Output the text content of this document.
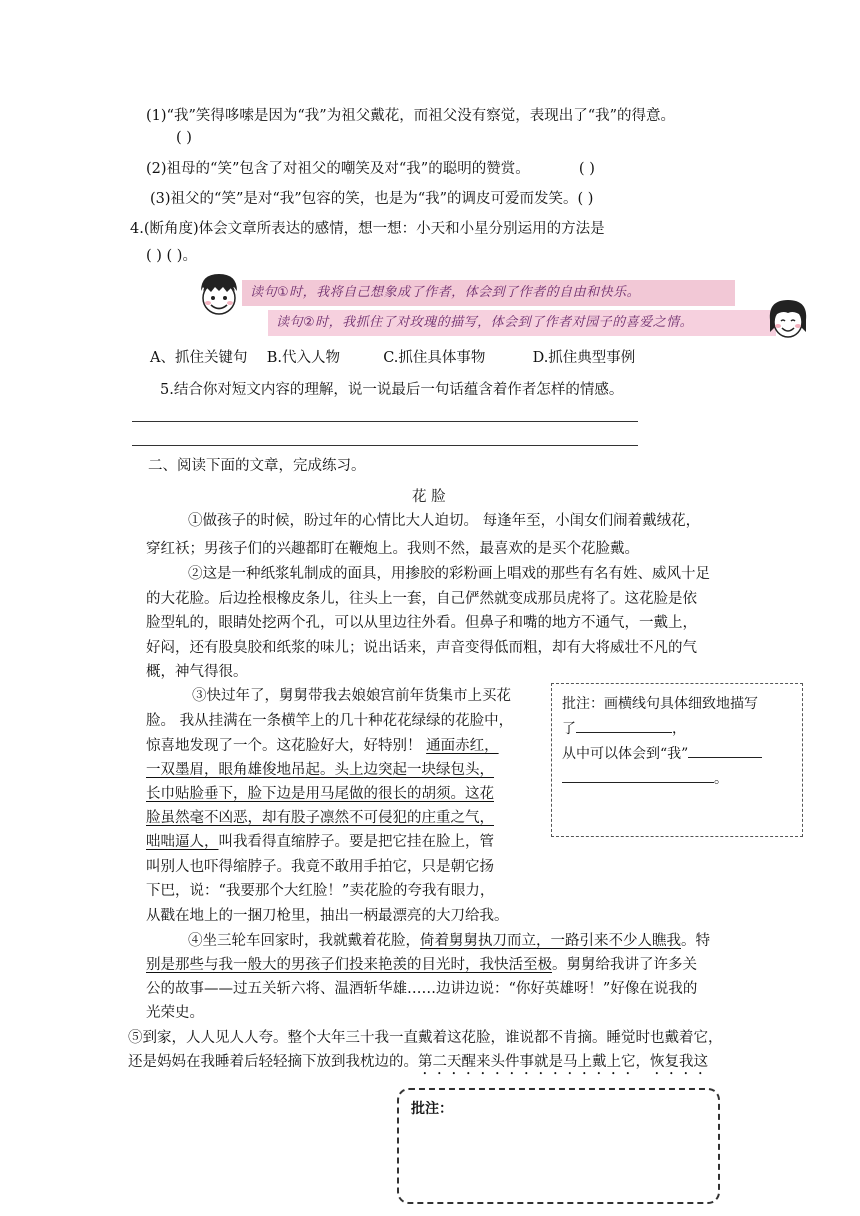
(1)“我”笑得哆嗦是因为“我”为祖父戴花，而祖父没有察觉，表现出了“我”的得意。
( )
(2)祖母的“笑”包含了对祖父的嘲笑及对“我”的聪明的赞赏。	( )
(3)祖父的“笑”是对“我”包容的笑，也是为“我”的调皮可爱而发笑。( )
4.(断角度)体会文章所表达的感情，想一想：小天和小星分别运用的方法是
( ) ( )。
读句①时，我将自己想象成了作者，体会到了作者的自由和快乐。
读句②时，我抓住了对玫瑰的描写，体会到了作者对园子的喜爱之情。
A、抓住关键句 B.代入人物	C.抓住具体事物	D.抓住典型事例
5.结合你对短文内容的理解，说一说最后一句话蕴含着作者怎样的情感。
二、阅读下面的文章，完成练习。
花 脸
①做孩子的时候，盼过年的心情比大人迫切。 每逢年至，小闺女们闹着戴绒花，
穿红袄；男孩子们的兴趣都盯在鞭炮上。我则不然，最喜欢的是买个花脸戴。
②这是一种纸浆轧制成的面具，用掺胶的彩粉画上唱戏的那些有名有姓、威风十足
的大花脸。后边拴根橡皮条儿，往头上一套，自己俨然就变成那员虎将了。这花脸是依
脸型轧的，眼睛处挖两个孔，可以从里边往外看。但鼻子和嘴的地方不通气，一戴上，
好闷，还有股臭胶和纸浆的味儿；说出话来，声音变得低而粗，却有大将威壮不凡的气
概，神气得很。
③快过年了，舅舅带我去娘娘宫前年货集市上买花
脸。 我从挂满在一条横竿上的几十种花花绿绿的花脸中，
惊喜地发现了一个。这花脸好大，好特别！ 通面赤红，
一双墨眉，眼角雄俊地吊起。头上边突起一块绿包头，
长巾贴脸垂下，脸下边是用马尾做的很长的胡须。这花
脸虽然毫不凶恶，却有股子凛然不可侵犯的庄重之气，
咄咄逼人，叫我看得直缩脖子。要是把它挂在脸上，管
叫别人也吓得缩脖子。我竟不敢用手拍它，只是朝它扬
下巴，说：“我要那个大红脸！”卖花脸的夸我有眼力，
从戳在地上的一捆刀枪里，抽出一柄最漂亮的大刀给我。
④坐三轮车回家时，我就戴着花脸，倚着舅舅执刀而立，一路引来不少人瞧我。特
别是那些与我一般大的男孩子们投来艳羡的目光时，我快活至极。舅舅给我讲了许多关
公的故事——过五关斩六将、温酒斩华雄……边讲边说：“你好英雄呀！”好像在说我的
光荣史。
⑤到家，人人见人人夸。整个大年三十我一直戴着这花脸，谁说都不肯摘。睡觉时也戴着它，
还是妈妈在我睡着后轻轻摘下放到我枕边的。第二天醒来头件事就是马上戴上它，恢复我这
批注：画横线句具体细致地描写
了	，
从中可以体会到“我”
。
批注：
